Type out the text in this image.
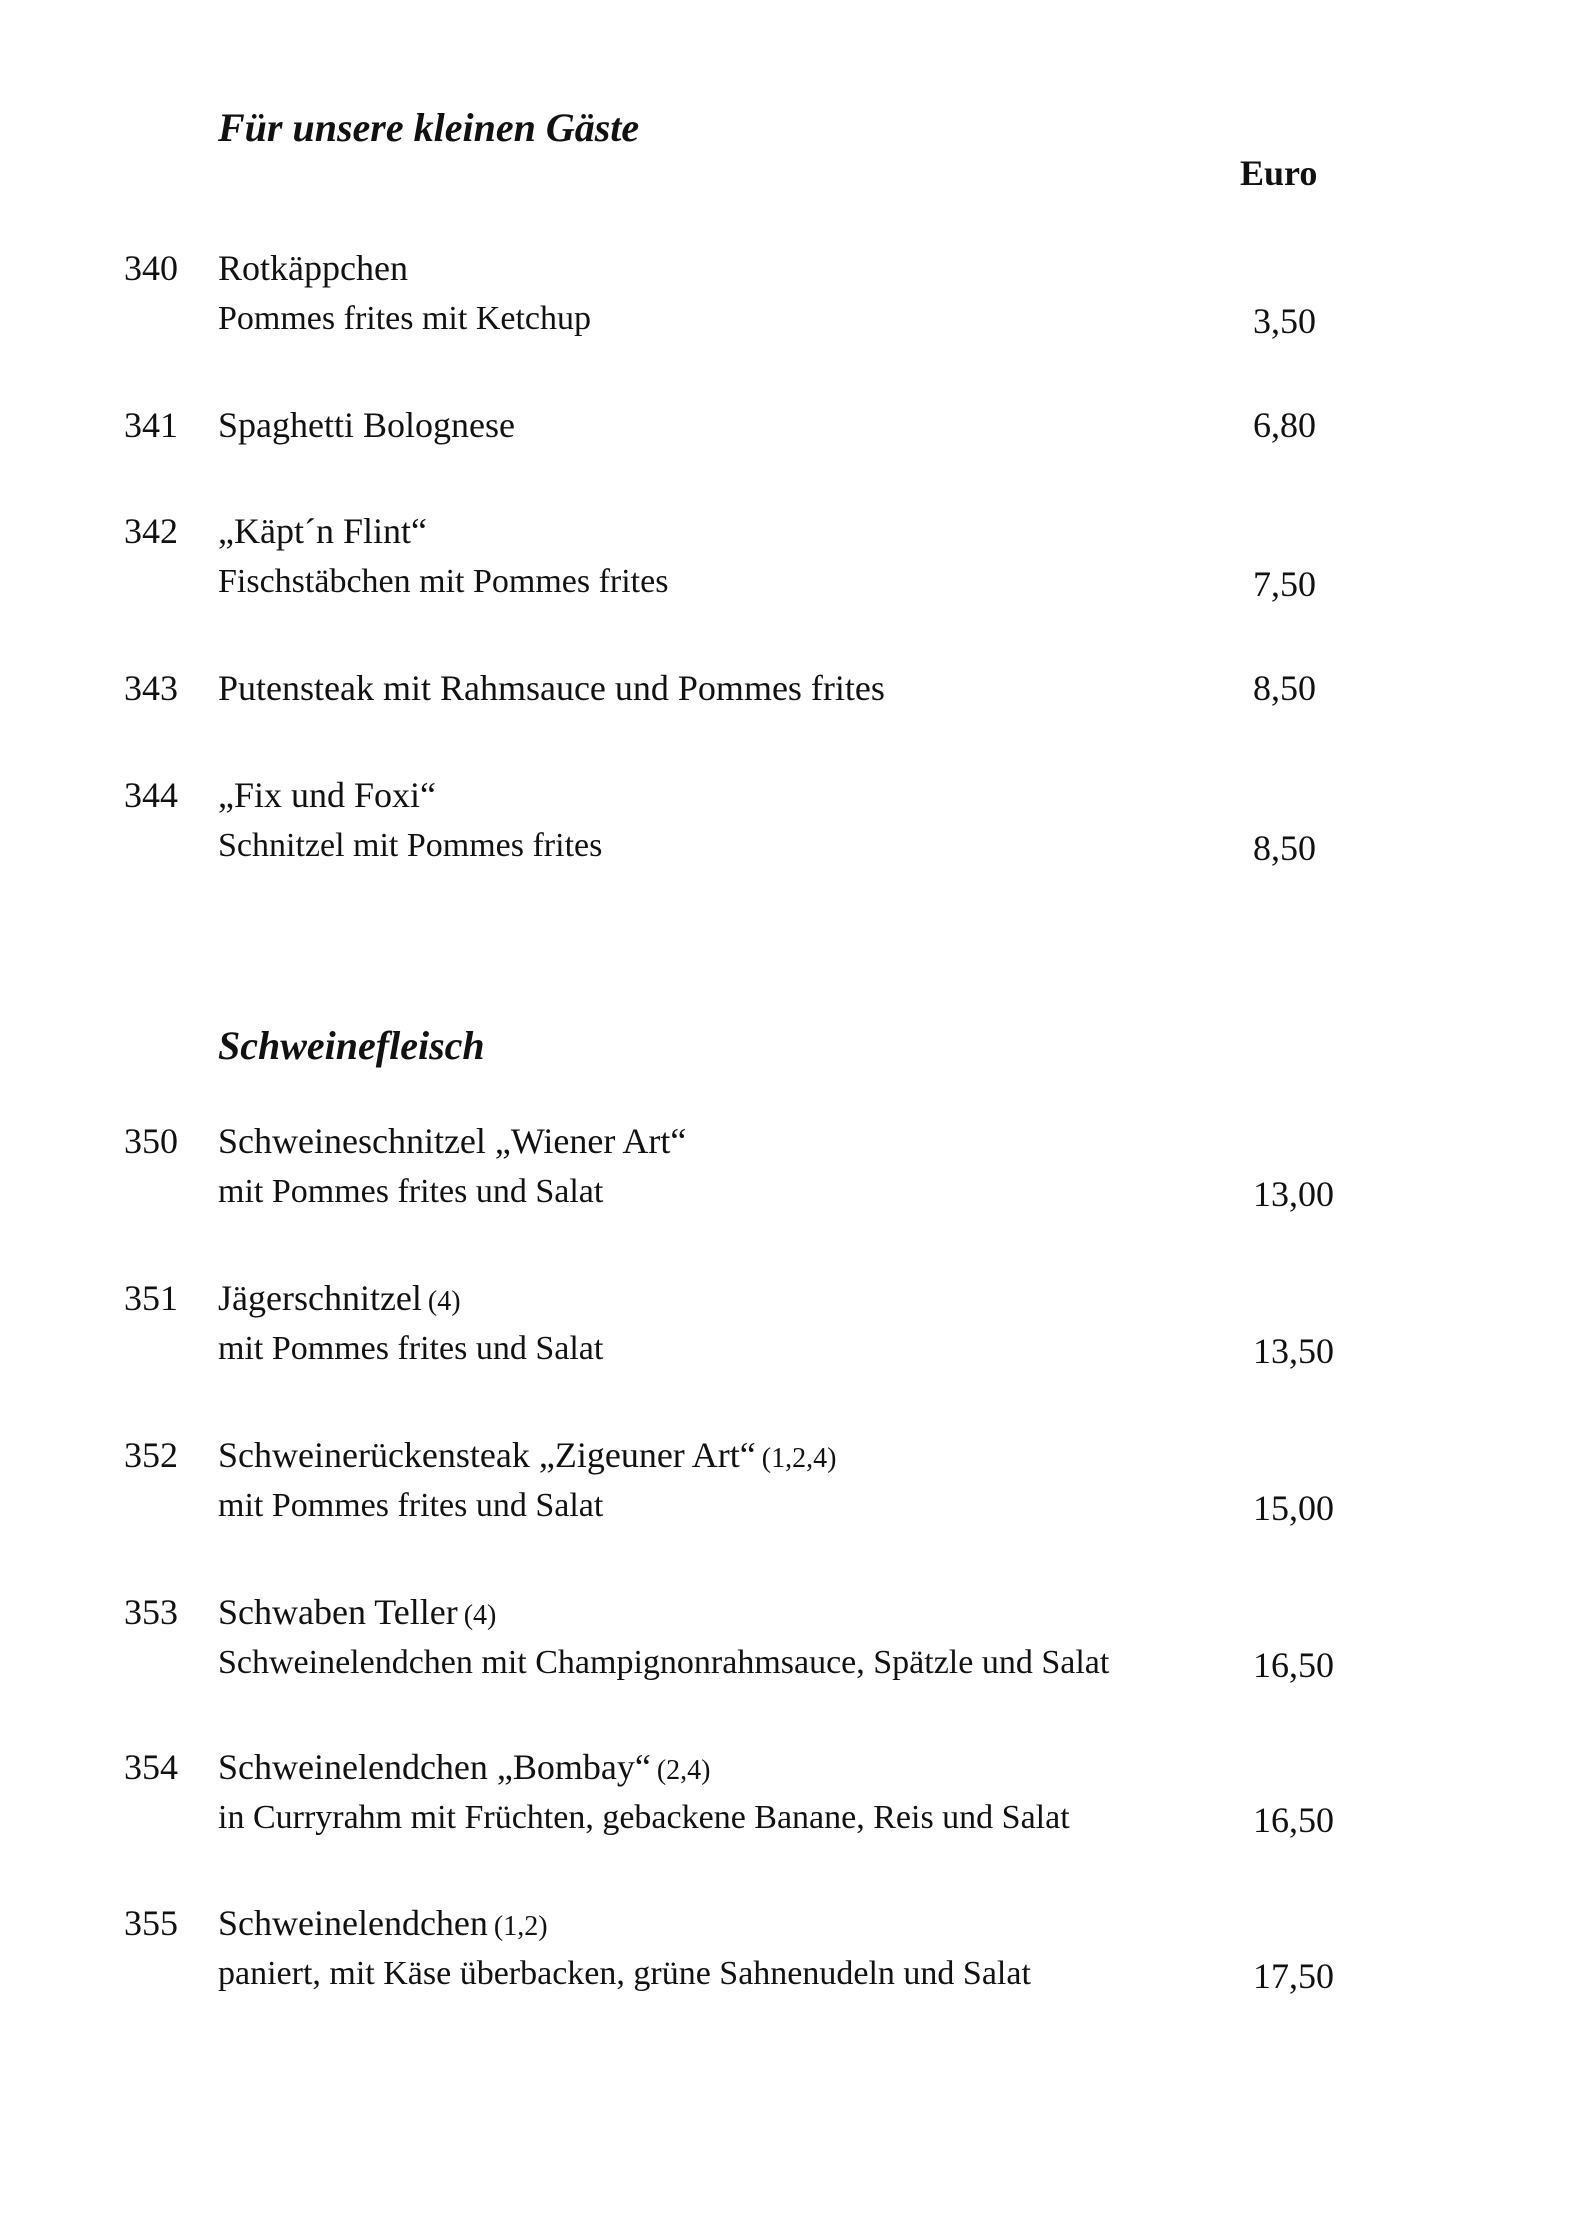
Für unsere kleinen Gäste
Euro
340 Rotkäppchen
Pommes frites mit Ketchup	3,50
341 Spaghetti Bolognese	6,80
342 „Käpt´n Flint“
Fischstäbchen mit Pommes frites	7,50
343 Putensteak mit Rahmsauce und Pommes frites	8,50
344 „Fix und Foxi“
Schnitzel mit Pommes frites	8,50
Schweinefleisch
350 Schweineschnitzel „Wiener Art“
mit Pommes frites und Salat	13,00
351 Jägerschnitzel (4)
mit Pommes frites und Salat	13,50
352 Schweinerückensteak „Zigeuner Art“ (1,2,4)
mit Pommes frites und Salat	15,00
353 Schwaben Teller (4)
Schweinelendchen mit Champignonrahmsauce, Spätzle und Salat	16,50
354 Schweinelendchen „Bombay“ (2,4)
in Curryrahm mit Früchten, gebackene Banane, Reis und Salat	16,50
355 Schweinelendchen (1,2)
paniert, mit Käse überbacken, grüne Sahnenudeln und Salat	17,50
